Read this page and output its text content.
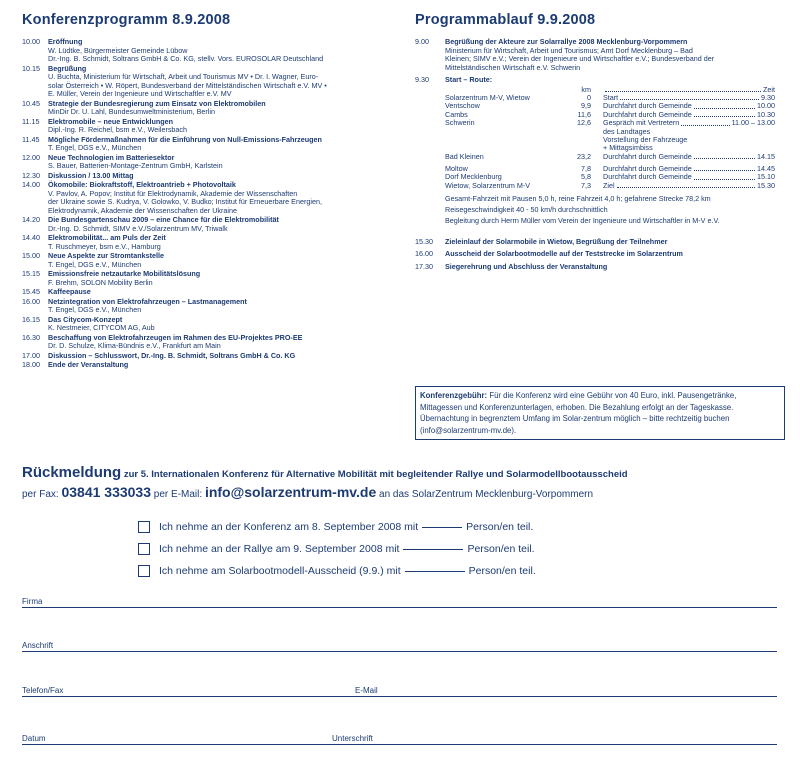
Konferenzprogramm 8.9.2008
10.00	Eröffnung
W. Lüdtke, Bürgermeister Gemeinde Lübow
Dr.-Ing. B. Schmidt, Soltrans GmbH & Co. KG, stellv. Vors. EUROSOLAR Deutschland
10.15	Begrüßung
U. Buchta, Ministerium für Wirtschaft, Arbeit und Tourismus MV • Dr. I. Wagner, Euro-
solar Österreich • W. Röpert, Bundesverband der Mittelständischen Wirtschaft e.V. MV •
E. Müller, Verein der Ingenieure und Wirtschaftler e.V. MV
10.45	Strategie der Bundesregierung zum Einsatz von Elektromobilen
MinDir Dr. U. Lahl, Bundesumweltministerium, Berlin
11.15	Elektromobile – neue Entwicklungen
Dipl.-Ing. R. Reichel, bsm e.V., Weilersbach
11.45	Mögliche Fördermaßnahmen für die Einführung von Null-Emissions-Fahrzeugen
T. Engel, DGS e.V., München
12.00	Neue Technologien im Batteriesektor
S. Bauer, Batterien-Montage-Zentrum GmbH, Karlstein
12.30	Diskussion / 13.00 Mittag
14.00	Ökomobile: Biokraftstoff, Elektroantrieb + Photovoltaik
V. Pavlov, A. Popov; Institut für Elektrodynamik, Akademie der Wissenschaften
der Ukraine sowie S. Kudrya, V. Golowko, V. Budko; Institut für Erneuerbare Energien,
Elektrodynamik, Akademie der Wissenschaften der Ukraine
14.20	Die Bundesgartenschau 2009 – eine Chance für die Elektromobilität
Dr.-Ing. D. Schmidt, SIMV e.V./Solarzentrum MV, Triwalk
14.40	Elektromobilität... am Puls der Zeit
T. Ruschmeyer, bsm e.V., Hamburg
15.00	Neue Aspekte zur Stromtankstelle
T. Engel, DGS e.V., München
15.15	Emissionsfreie netzautarke Mobilitätslösung
F. Brehm, SOLON Mobility Berlin
15.45	Kaffeepause
16.00	Netzintegration von Elektrofahrzeugen – Lastmanagement
T. Engel, DGS e.V., München
16.15	Das Citycom-Konzept
K. Nestmeier, CITYCOM AG, Aub
16.30	Beschaffung von Elektrofahrzeugen im Rahmen des EU-Projektes PRO-EE
Dr. D. Schulze, Klima-Bündnis e.V., Frankfurt am Main
17.00	Diskussion – Schlusswort, Dr.-Ing. B. Schmidt, Soltrans GmbH & Co. KG
18.00	Ende der Veranstaltung
Programmablauf 9.9.2008
9.00	Begrüßung der Akteure zur Solarrallye 2008 Mecklenburg-Vorpommern
Ministerium für Wirtschaft, Arbeit und Tourismus; Amt Dorf Mecklenburg – Bad
Kleinen; SIMV e.V.; Verein der Ingenieure und Wirtschaftler e.V.; Bundesverband der
Mittelständischen Wirtschaft e.V. Schwerin
9.30	Start – Route:
	km	Zeit

Solarzentrum M-V, Wietow	0	Start 9.30

Ventschow	9,9	Durchfahrt durch Gemeinde 10.00

Cambs	11,6	Durchfahrt durch Gemeinde 10.30

Schwerin	12,6	Gespräch mit Vertretern 11.00 – 13.00
des Landtages
Vorstellung der Fahrzeuge
+ Mittagsimbiss

Bad Kleinen	23,2	Durchfahrt durch Gemeinde 14.15

Moltow	7,8	Durchfahrt durch Gemeinde 14.45

Dorf Mecklenburg	5,8	Durchfahrt durch Gemeinde 15.10

Wietow, Solarzentrum M-V	7,3	Ziel 15.30
Gesamt-Fahrzeit mit Pausen 5,0 h, reine Fahrzeit 4,0 h; gefahrene Strecke 78,2 km
Reisegeschwindigkeit 40 - 50 km/h durchschnittlich
Begleitung durch Herrn Müller vom Verein der Ingenieure und Wirtschaftler in M-V e.V.
15.30	Zieleinlauf der Solarmobile in Wietow, Begrüßung der Teilnehmer
16.00	Ausscheid der Solarbootmodelle auf der Teststrecke im Solarzentrum
17.30	Siegerehrung und Abschluss der Veranstaltung
Konferenzgebühr: Für die Konferenz wird eine Gebühr von 40 Euro, inkl. Pausengetränke, Mittagessen und Konferenzunterlagen, erhoben. Die Bezahlung erfolgt an der Tageskasse. Übernachtung in begrenztem Umfang im Solar-zentrum möglich – bitte rechtzeitig buchen (info@solarzentrum-mv.de).
Rückmeldung zur 5. Internationalen Konferenz für Alternative Mobilität mit begleitender Rallye und Solarmodellbootausscheid
per Fax: 03841 333033 per E-Mail: info@solarzentrum-mv.de an das SolarZentrum Mecklenburg-Vorpommern
Ich nehme an der Konferenz am 8. September 2008 mit	Person/en teil.
Ich nehme an der Rallye am 9. September 2008 mit	Person/en teil.
Ich nehme am Solarbootmodell-Ausscheid (9.9.) mit	Person/en teil.
Firma
Anschrift
Telefon/Fax	E-Mail
Datum	Unterschrift
